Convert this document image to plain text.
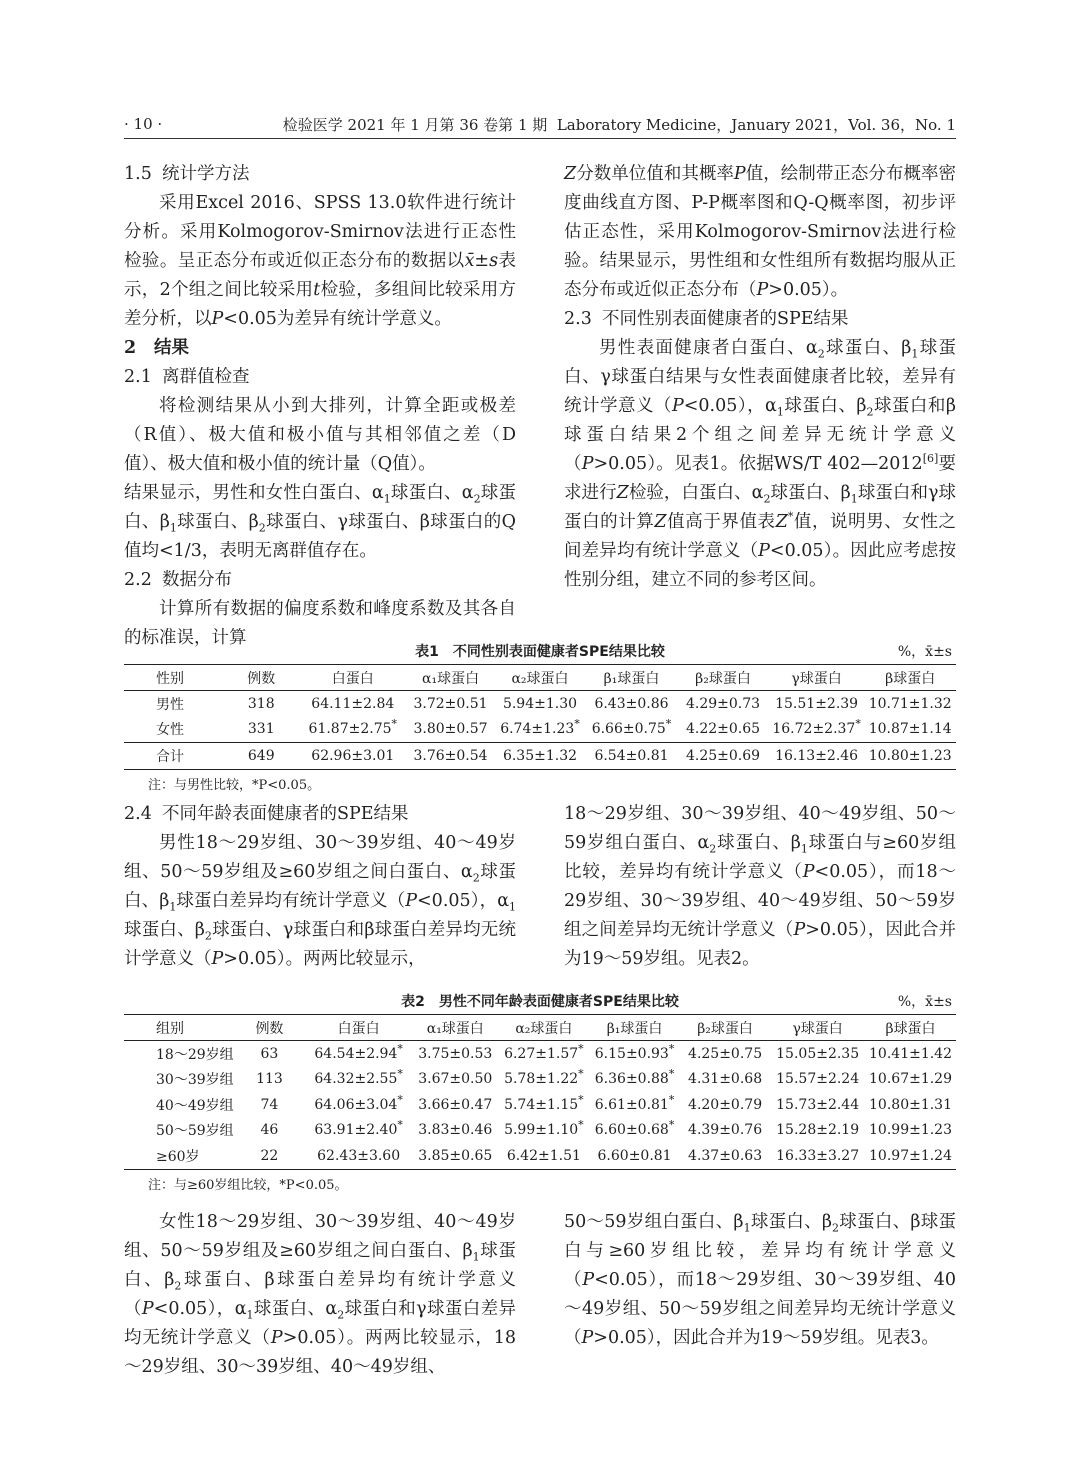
· 10 ·	检验医学 2021 年 1 月第 36 卷第 1 期 Laboratory Medicine，January 2021，Vol. 36，No. 1

1.5 统计学方法

采用Excel 2016、SPSS 13.0软件进行统计分析。采用Kolmogorov-Smirnov法进行正态性检验。呈正态分布或近似正态分布的数据以x̄±s表示，2个组之间比较采用t检验，多组间比较采用方差分析，以P<0.05为差异有统计学意义。

2 结果

2.1 离群值检查

将检测结果从小到大排列，计算全距或极差（R值）、极大值和极小值与其相邻值之差（D值）、极大值和极小值的统计量（Q值）。

结果显示，男性和女性白蛋白、$\alpha_1$球蛋白、$\alpha_2$球蛋白、$\beta_1$球蛋白、$\beta_2$球蛋白、γ球蛋白、β球蛋白的Q值均<1/3，表明无离群值存在。

2.2 数据分布

计算所有数据的偏度系数和峰度系数及其各自的标准误，计算

Z分数单位值和其概率P值，绘制带正态分布概率密度曲线直方图、P-P概率图和Q-Q概率图，初步评估正态性，采用Kolmogorov-Smirnov法进行检验。结果显示，男性组和女性组所有数据均服从正态分布或近似正态分布（P>0.05）。

2.3 不同性别表面健康者的SPE结果

男性表面健康者白蛋白、$\alpha_2$球蛋白、$\beta_1$球蛋白、γ球蛋白结果与女性表面健康者比较，差异有统计学意义（P<0.05），$\alpha_1$球蛋白、$\beta_2$球蛋白和β球蛋白结果2个组之间差异无统计学意义（P>0.05）。见表1。依据WS/T 402—2012[6]要求进行Z检验，白蛋白、$\alpha_2$球蛋白、$\beta_1$球蛋白和γ球蛋白的计算Z值高于界值表Z*值，说明男、女性之间差异均有统计学意义（P<0.05）。因此应考虑按性别分组，建立不同的参考区间。

表1　不同性别表面健康者SPE结果比较	%，x̄±s
性别	例数	白蛋白	α₁球蛋白	α₂球蛋白	β₁球蛋白	β₂球蛋白	γ球蛋白	β球蛋白
男性	318	64.11±2.84	3.72±0.51	5.94±1.30	6.43±0.86	4.29±0.73	15.51±2.39	10.71±1.32
女性	331	61.87±2.75*	3.80±0.57	6.74±1.23*	6.66±0.75*	4.22±0.65	16.72±2.37*	10.87±1.14
合计	649	62.96±3.01	3.76±0.54	6.35±1.32	6.54±0.81	4.25±0.69	16.13±2.46	10.80±1.23
注：与男性比较，*P<0.05。

2.4 不同年龄表面健康者的SPE结果

男性18～29岁组、30～39岁组、40～49岁组、50～59岁组及≥60岁组之间白蛋白、$\alpha_2$球蛋白、$\beta_1$球蛋白差异均有统计学意义（P<0.05），$\alpha_1$球蛋白、$\beta_2$球蛋白、γ球蛋白和β球蛋白差异均无统计学意义（P>0.05）。两两比较显示，

18～29岁组、30～39岁组、40～49岁组、50～59岁组白蛋白、$\alpha_2$球蛋白、$\beta_1$球蛋白与≥60岁组比较，差异均有统计学意义（P<0.05），而18～29岁组、30～39岁组、40～49岁组、50～59岁组之间差异均无统计学意义（P>0.05），因此合并为19～59岁组。见表2。

表2　男性不同年龄表面健康者SPE结果比较	%，x̄±s
组别	例数	白蛋白	α₁球蛋白	α₂球蛋白	β₁球蛋白	β₂球蛋白	γ球蛋白	β球蛋白
18～29岁组	63	64.54±2.94*	3.75±0.53	6.27±1.57*	6.15±0.93*	4.25±0.75	15.05±2.35	10.41±1.42
30～39岁组	113	64.32±2.55*	3.67±0.50	5.78±1.22*	6.36±0.88*	4.31±0.68	15.57±2.24	10.67±1.29
40～49岁组	74	64.06±3.04*	3.66±0.47	5.74±1.15*	6.61±0.81*	4.20±0.79	15.73±2.44	10.80±1.31
50～59岁组	46	63.91±2.40*	3.83±0.46	5.99±1.10*	6.60±0.68*	4.39±0.76	15.28±2.19	10.99±1.23
≥60岁	22	62.43±3.60	3.85±0.65	6.42±1.51	6.60±0.81	4.37±0.63	16.33±3.27	10.97±1.24
注：与≥60岁组比较，*P<0.05。

女性18～29岁组、30～39岁组、40～49岁组、50～59岁组及≥60岁组之间白蛋白、$\beta_1$球蛋白、$\beta_2$球蛋白、β球蛋白差异均有统计学意义（P<0.05），$\alpha_1$球蛋白、$\alpha_2$球蛋白和γ球蛋白差异均无统计学意义（P>0.05）。两两比较显示，18～29岁组、30～39岁组、40～49岁组、

50～59岁组白蛋白、$\beta_1$球蛋白、$\beta_2$球蛋白、β球蛋白与≥60岁组比较，差异均有统计学意义（P<0.05），而18～29岁组、30～39岁组、40～49岁组、50～59岁组之间差异均无统计学意义（P>0.05），因此合并为19～59岁组。见表3。
